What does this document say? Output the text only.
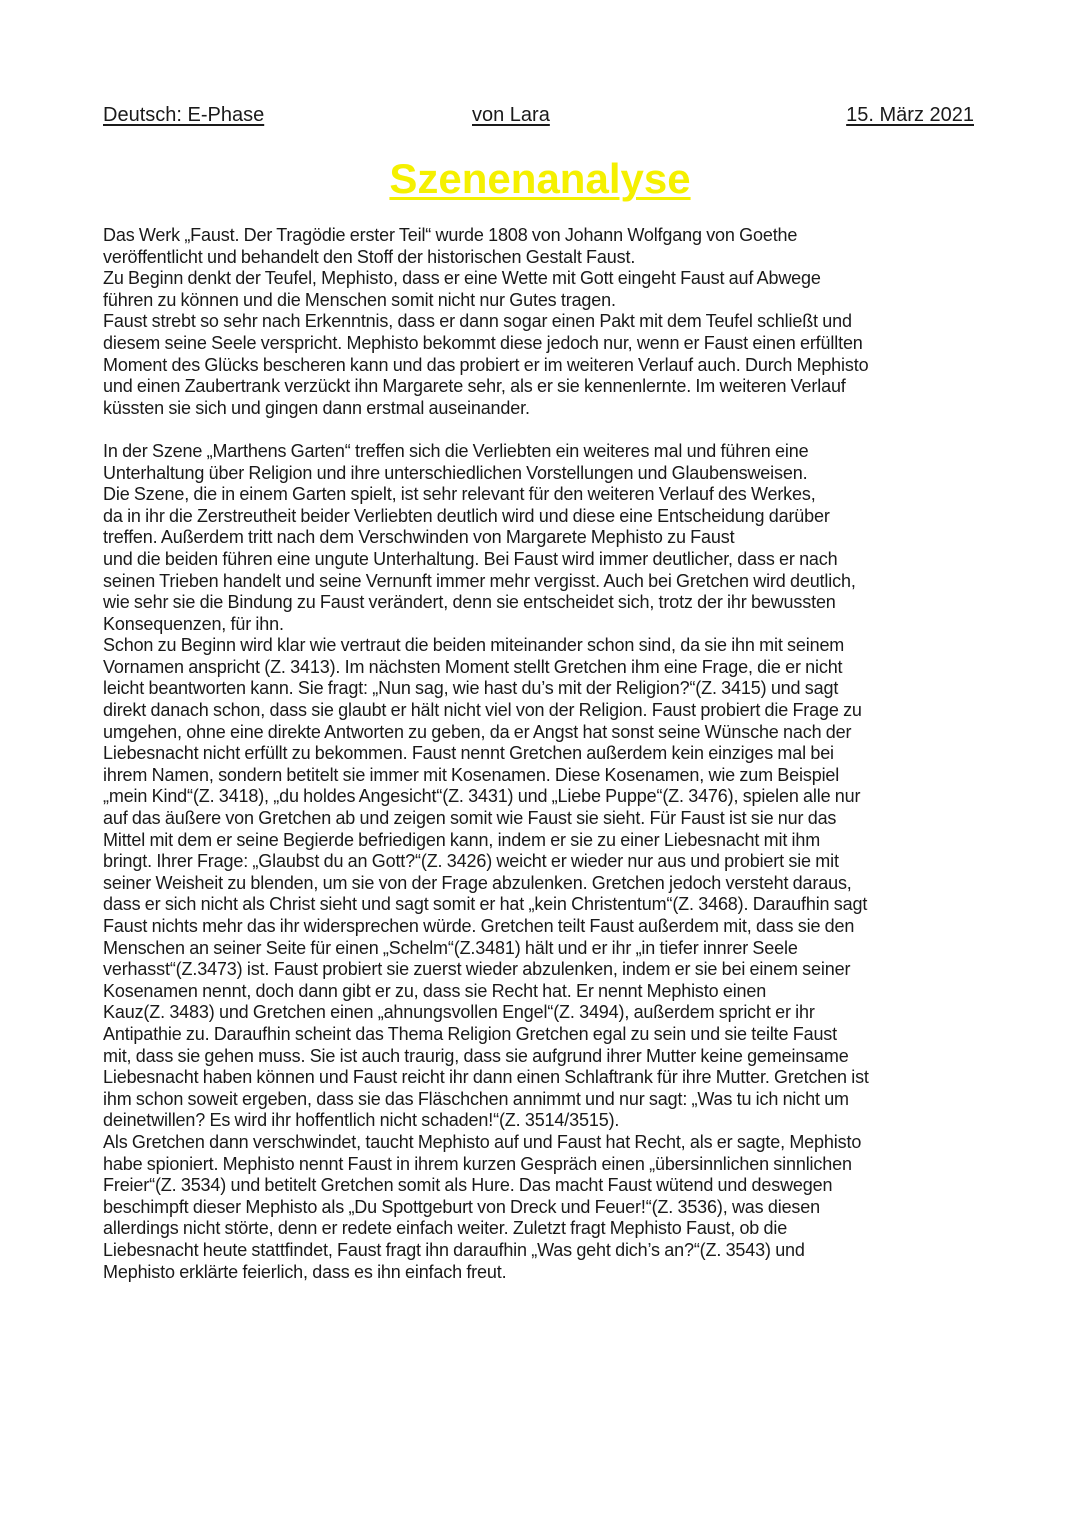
Deutsch: E-Phase	von Lara	15. März 2021
Szenenanalyse
Das Werk „Faust. Der Tragödie erster Teil“ wurde 1808 von Johann Wolfgang von Goethe
veröffentlicht und behandelt den Stoff der historischen Gestalt Faust.
Zu Beginn denkt der Teufel, Mephisto, dass er eine Wette mit Gott eingeht Faust auf Abwege
führen zu können und die Menschen somit nicht nur Gutes tragen.
Faust strebt so sehr nach Erkenntnis, dass er dann sogar einen Pakt mit dem Teufel schließt und
diesem seine Seele verspricht. Mephisto bekommt diese jedoch nur, wenn er Faust einen erfüllten
Moment des Glücks bescheren kann und das probiert er im weiteren Verlauf auch. Durch Mephisto
und einen Zaubertrank verzückt ihn Margarete sehr, als er sie kennenlernte. Im weiteren Verlauf
küssten sie sich und gingen dann erstmal auseinander.
In der Szene „Marthens Garten“ treffen sich die Verliebten ein weiteres mal und führen eine
Unterhaltung über Religion und ihre unterschiedlichen Vorstellungen und Glaubensweisen.
Die Szene, die in einem Garten spielt, ist sehr relevant für den weiteren Verlauf des Werkes,
da in ihr die Zerstreutheit beider Verliebten deutlich wird und diese eine Entscheidung darüber
treffen. Außerdem tritt nach dem Verschwinden von Margarete Mephisto zu Faust
und die beiden führen eine ungute Unterhaltung. Bei Faust wird immer deutlicher, dass er nach
seinen Trieben handelt und seine Vernunft immer mehr vergisst. Auch bei Gretchen wird deutlich,
wie sehr sie die Bindung zu Faust verändert, denn sie entscheidet sich, trotz der ihr bewussten
Konsequenzen, für ihn.
Schon zu Beginn wird klar wie vertraut die beiden miteinander schon sind, da sie ihn mit seinem
Vornamen anspricht (Z. 3413). Im nächsten Moment stellt Gretchen ihm eine Frage, die er nicht
leicht beantworten kann. Sie fragt: „Nun sag, wie hast du’s mit der Religion?“(Z. 3415) und sagt
direkt danach schon, dass sie glaubt er hält nicht viel von der Religion. Faust probiert die Frage zu
umgehen, ohne eine direkte Antworten zu geben, da er Angst hat sonst seine Wünsche nach der
Liebesnacht nicht erfüllt zu bekommen. Faust nennt Gretchen außerdem kein einziges mal bei
ihrem Namen, sondern betitelt sie immer mit Kosenamen. Diese Kosenamen, wie zum Beispiel
„mein Kind“(Z. 3418), „du holdes Angesicht“(Z. 3431) und „Liebe Puppe“(Z. 3476), spielen alle nur
auf das äußere von Gretchen ab und zeigen somit wie Faust sie sieht. Für Faust ist sie nur das
Mittel mit dem er seine Begierde befriedigen kann, indem er sie zu einer Liebesnacht mit ihm
bringt. Ihrer Frage: „Glaubst du an Gott?“(Z. 3426) weicht er wieder nur aus und probiert sie mit
seiner Weisheit zu blenden, um sie von der Frage abzulenken. Gretchen jedoch versteht daraus,
dass er sich nicht als Christ sieht und sagt somit er hat „kein Christentum“(Z. 3468). Daraufhin sagt
Faust nichts mehr das ihr widersprechen würde. Gretchen teilt Faust außerdem mit, dass sie den
Menschen an seiner Seite für einen „Schelm“(Z.3481) hält und er ihr „in tiefer innrer Seele
verhasst“(Z.3473) ist. Faust probiert sie zuerst wieder abzulenken, indem er sie bei einem seiner
Kosenamen nennt, doch dann gibt er zu, dass sie Recht hat. Er nennt Mephisto einen
Kauz(Z. 3483) und Gretchen einen „ahnungsvollen Engel“(Z. 3494), außerdem spricht er ihr
Antipathie zu. Daraufhin scheint das Thema Religion Gretchen egal zu sein und sie teilte Faust
mit, dass sie gehen muss. Sie ist auch traurig, dass sie aufgrund ihrer Mutter keine gemeinsame
Liebesnacht haben können und Faust reicht ihr dann einen Schlaftrank für ihre Mutter. Gretchen ist
ihm schon soweit ergeben, dass sie das Fläschchen annimmt und nur sagt: „Was tu ich nicht um
deinetwillen? Es wird ihr hoffentlich nicht schaden!“(Z. 3514/3515).
Als Gretchen dann verschwindet, taucht Mephisto auf und Faust hat Recht, als er sagte, Mephisto
habe spioniert. Mephisto nennt Faust in ihrem kurzen Gespräch einen „übersinnlichen sinnlichen
Freier“(Z. 3534) und betitelt Gretchen somit als Hure. Das macht Faust wütend und deswegen
beschimpft dieser Mephisto als „Du Spottgeburt von Dreck und Feuer!“(Z. 3536), was diesen
allerdings nicht störte, denn er redete einfach weiter. Zuletzt fragt Mephisto Faust, ob die
Liebesnacht heute stattfindet, Faust fragt ihn daraufhin „Was geht dich’s an?“(Z. 3543) und
Mephisto erklärte feierlich, dass es ihn einfach freut.
